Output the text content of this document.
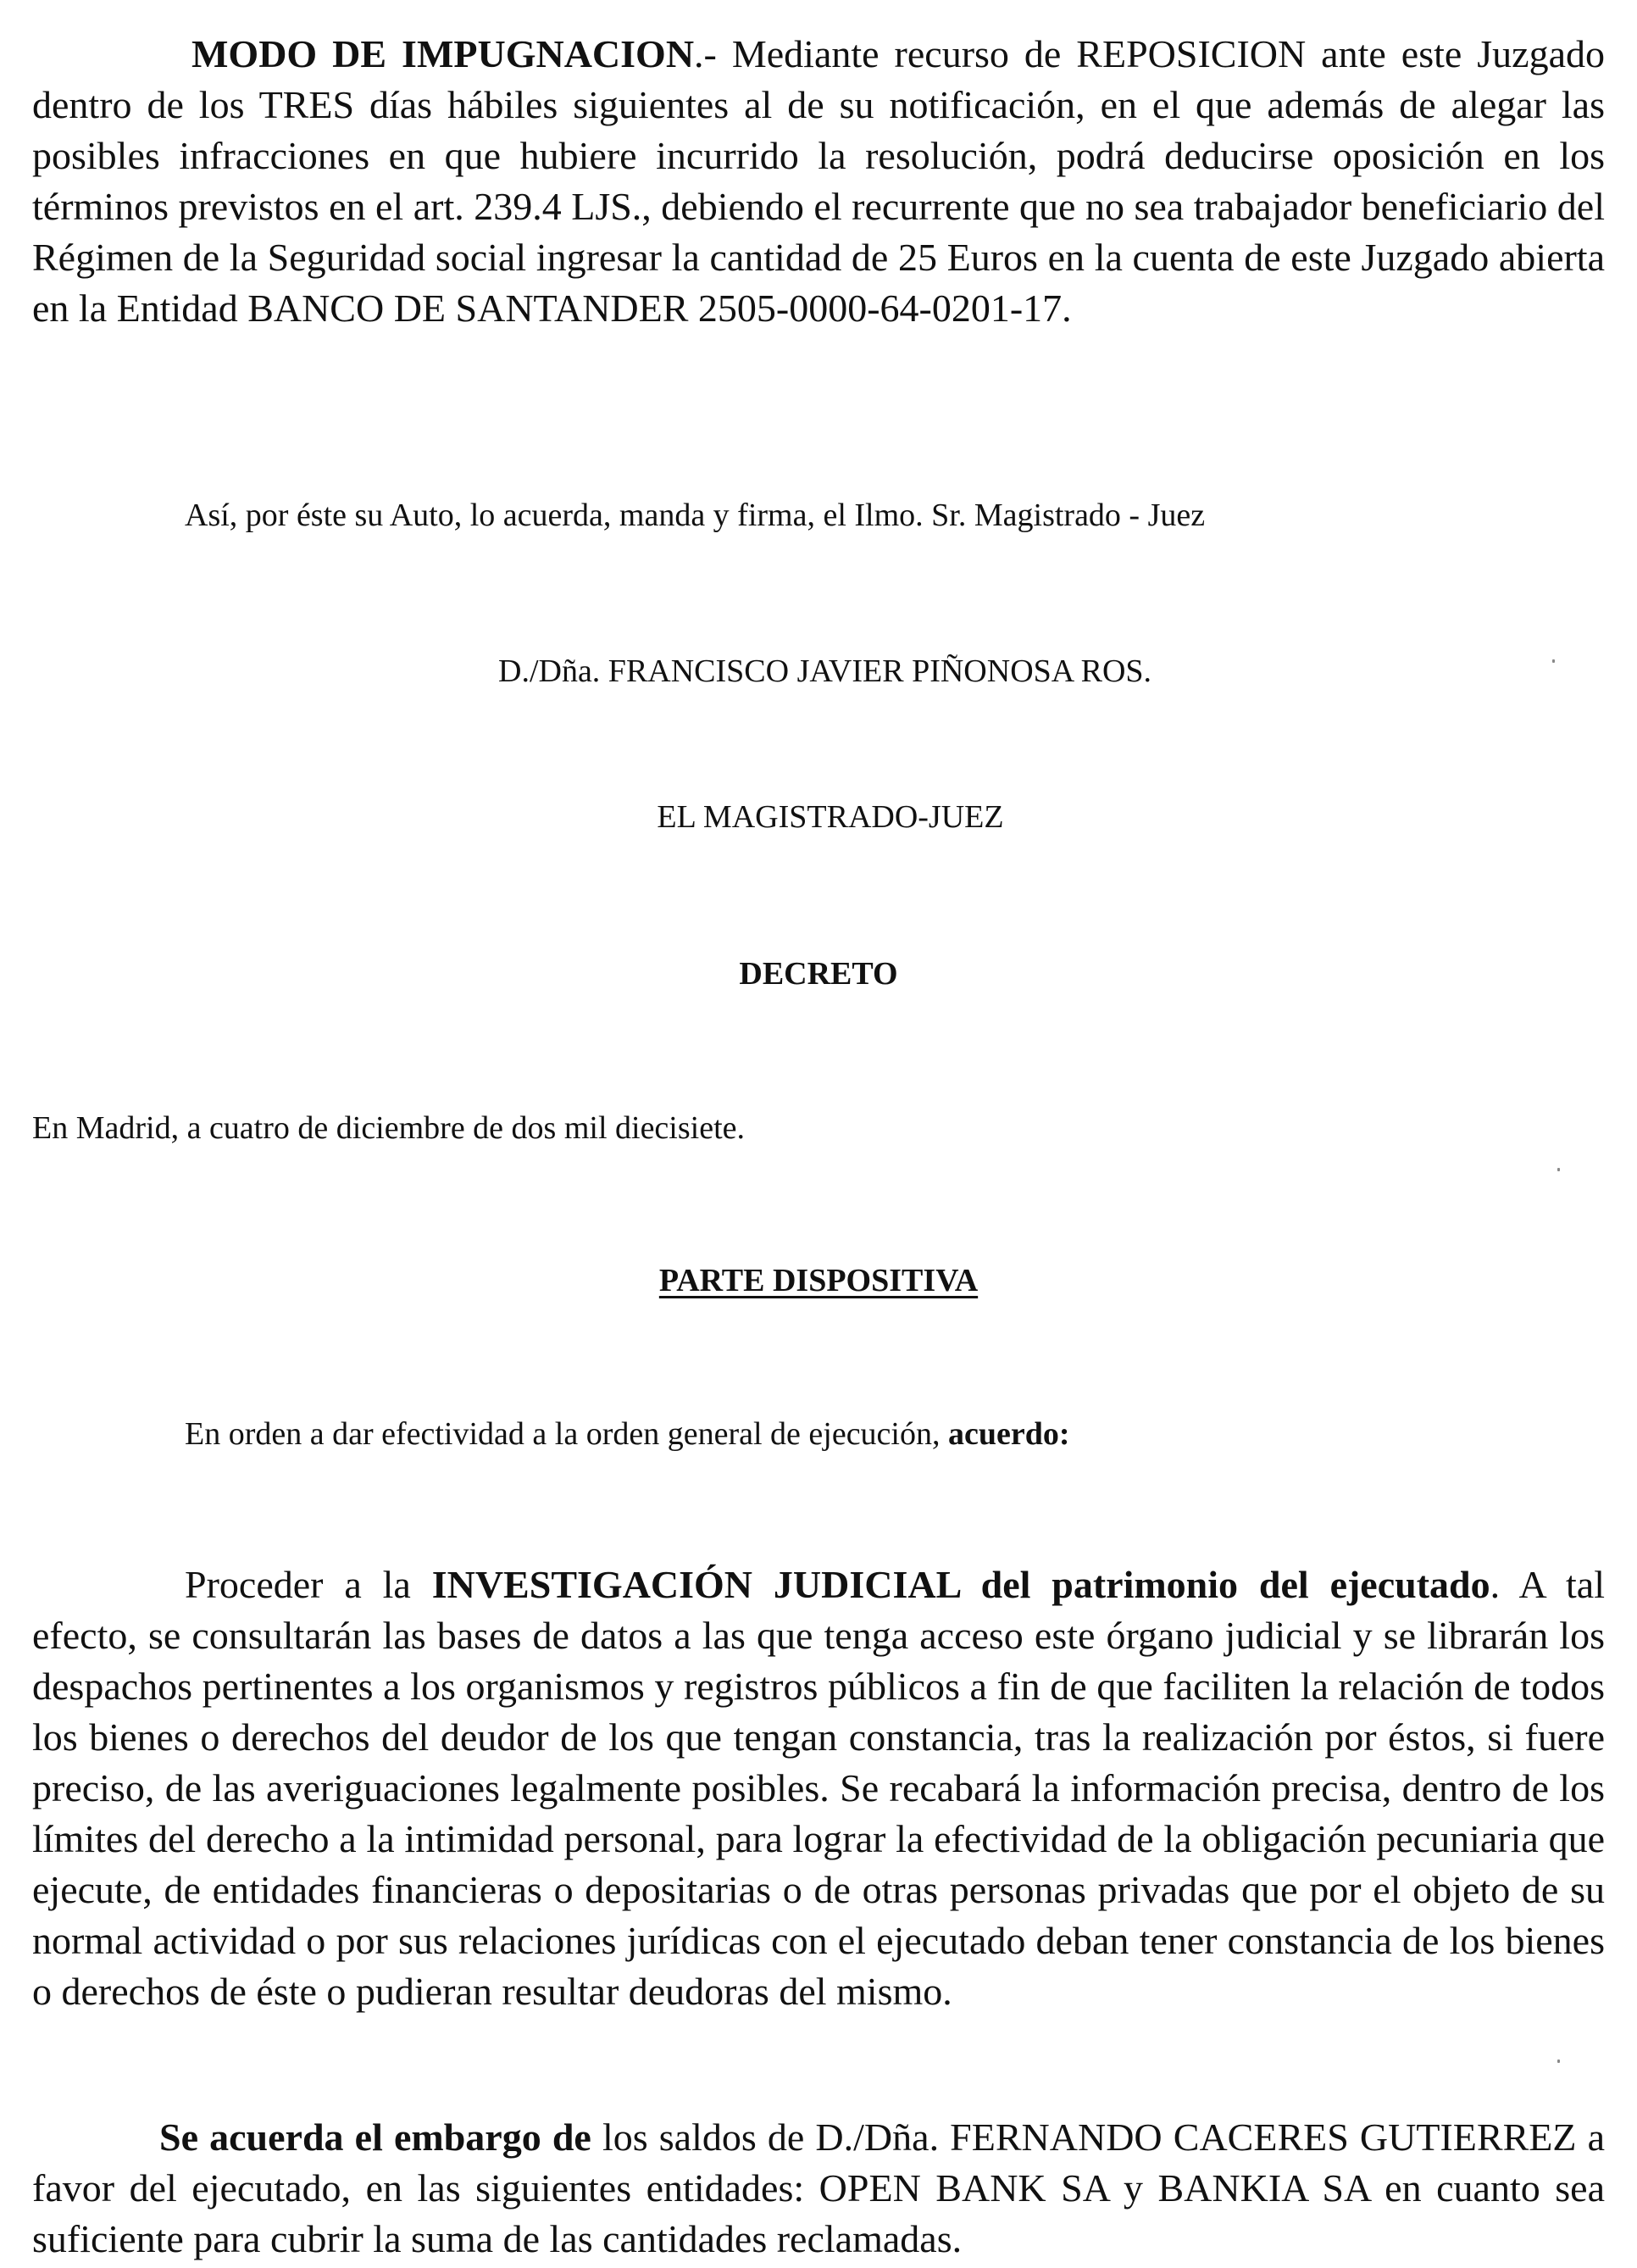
MODO DE IMPUGNACION.- Mediante recurso de REPOSICION ante este Juzgado dentro de los TRES días hábiles siguientes al de su notificación, en el que además de alegar las posibles infracciones en que hubiere incurrido la resolución, podrá deducirse oposición en los términos previstos en el art. 239.4 LJS., debiendo el recurrente que no sea trabajador beneficiario del Régimen de la Seguridad social ingresar la cantidad de 25 Euros en la cuenta de este Juzgado abierta en la Entidad BANCO DE SANTANDER 2505-0000-64-0201-17.

Así, por éste su Auto, lo acuerda, manda y firma, el Ilmo. Sr. Magistrado - Juez

D./Dña. FRANCISCO JAVIER PIÑONOSA ROS.

EL MAGISTRADO-JUEZ

DECRETO

En Madrid, a cuatro de diciembre de dos mil diecisiete.

PARTE DISPOSITIVA

En orden a dar efectividad a la orden general de ejecución, acuerdo:

Proceder a la INVESTIGACIÓN JUDICIAL del patrimonio del ejecutado. A tal efecto, se consultarán las bases de datos a las que tenga acceso este órgano judicial y se librarán los despachos pertinentes a los organismos y registros públicos a fin de que faciliten la relación de todos los bienes o derechos del deudor de los que tengan constancia, tras la realización por éstos, si fuere preciso, de las averiguaciones legalmente posibles. Se recabará la información precisa, dentro de los límites del derecho a la intimidad personal, para lograr la efectividad de la obligación pecuniaria que ejecute, de entidades financieras o depositarias o de otras personas privadas que por el objeto de su normal actividad o por sus relaciones jurídicas con el ejecutado deban tener constancia de los bienes o derechos de éste o pudieran resultar deudoras del mismo.

Se acuerda el embargo de los saldos de D./Dña. FERNANDO CACERES GUTIERREZ a favor del ejecutado, en las siguientes entidades: OPEN BANK SA y BANKIA SA en cuanto sea suficiente para cubrir la suma de las cantidades reclamadas.
